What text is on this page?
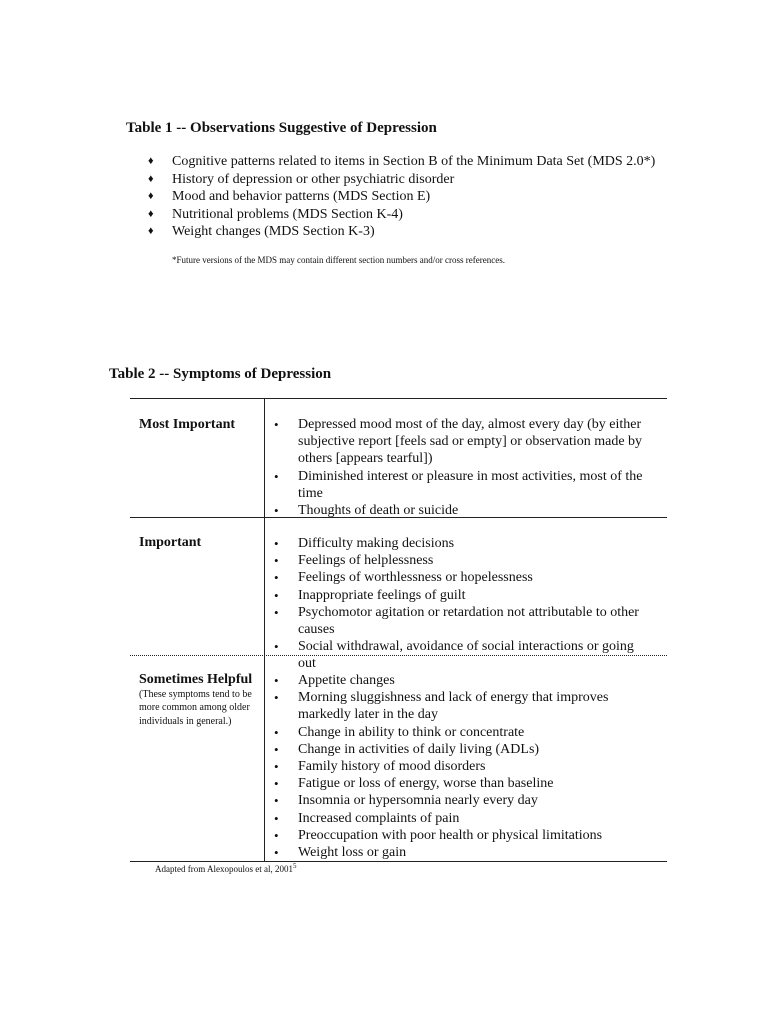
Table 1 -- Observations Suggestive of Depression
♦ Cognitive patterns related to items in Section B of the Minimum Data Set (MDS 2.0*)
♦ History of depression or other psychiatric disorder
♦ Mood and behavior patterns (MDS Section E)
♦ Nutritional problems (MDS Section K-4)
♦ Weight changes (MDS Section K-3)

*Future versions of the MDS may contain different section numbers and/or cross references.

Table 2 -- Symptoms of Depression

Most Important	• Depressed mood most of the day, almost every day (by either subjective report [feels sad or empty] or observation made by others [appears tearful])
• Diminished interest or pleasure in most activities, most of the time
• Thoughts of death or suicide

Important	• Difficulty making decisions
• Feelings of helplessness
• Feelings of worthlessness or hopelessness
• Inappropriate feelings of guilt
• Psychomotor agitation or retardation not attributable to other causes
• Social withdrawal, avoidance of social interactions or going out

Sometimes Helpful

(These symptoms tend to be more common among older individuals in general.)

• Appetite changes
• Morning sluggishness and lack of energy that improves markedly later in the day
• Change in ability to think or concentrate
• Change in activities of daily living (ADLs)
• Family history of mood disorders
• Fatigue or loss of energy, worse than baseline
• Insomnia or hypersomnia nearly every day
• Increased complaints of pain
• Preoccupation with poor health or physical limitations
• Weight loss or gain

Adapted from Alexopoulos et al, 2001$^5$
